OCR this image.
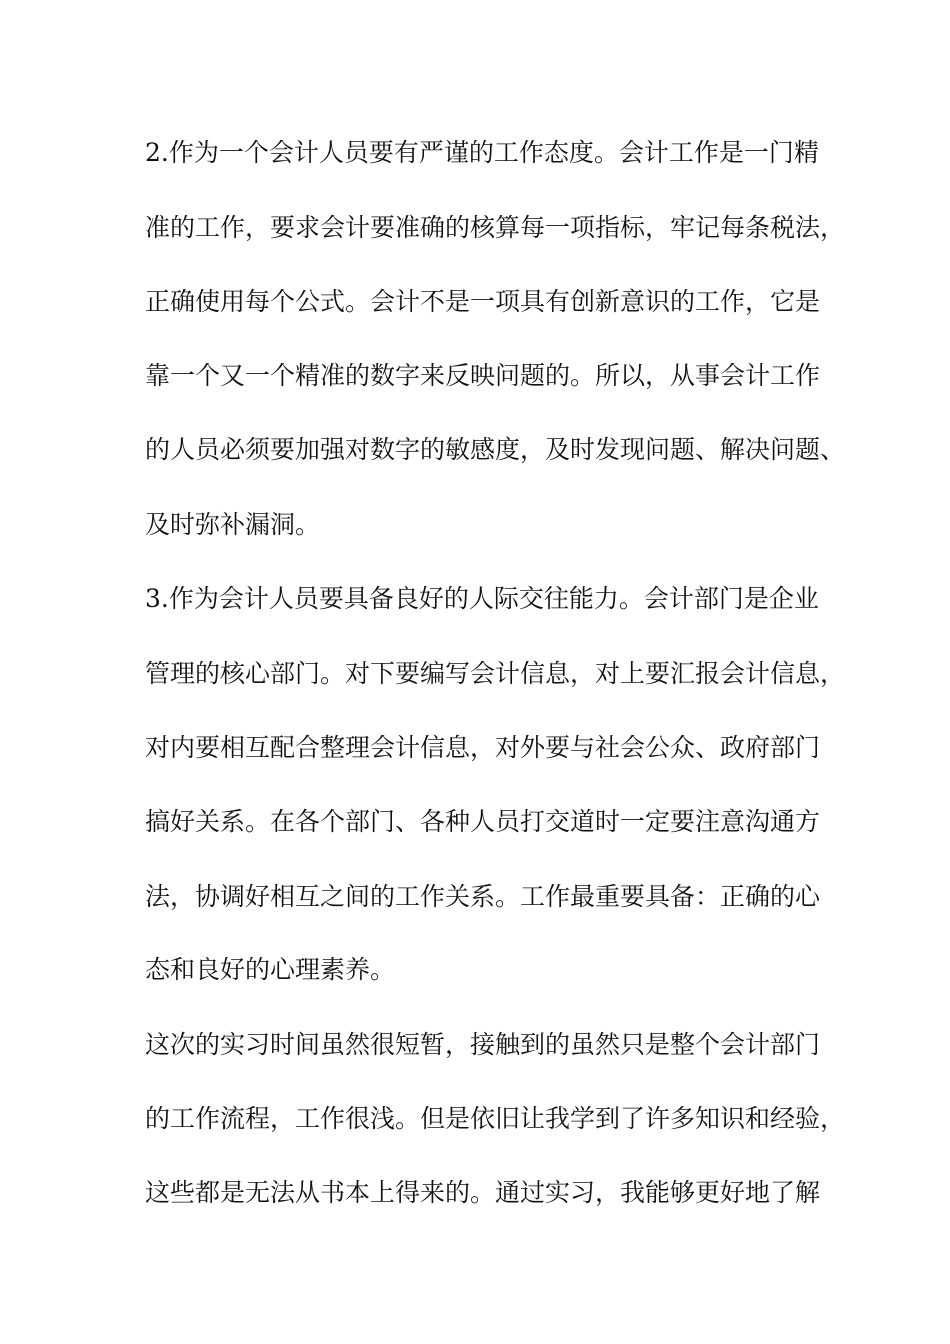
2.作为一个会计人员要有严谨的工作态度。会计工作是一门精
准的工作，要求会计要准确的核算每一项指标，牢记每条税法，
正确使用每个公式。会计不是一项具有创新意识的工作，它是
靠一个又一个精准的数字来反映问题的。所以，从事会计工作
的人员必须要加强对数字的敏感度，及时发现问题、解决问题、
及时弥补漏洞。
3.作为会计人员要具备良好的人际交往能力。会计部门是企业
管理的核心部门。对下要编写会计信息，对上要汇报会计信息，
对内要相互配合整理会计信息，对外要与社会公众、政府部门
搞好关系。在各个部门、各种人员打交道时一定要注意沟通方
法，协调好相互之间的工作关系。工作最重要具备：正确的心
态和良好的心理素养。
这次的实习时间虽然很短暂，接触到的虽然只是整个会计部门
的工作流程，工作很浅。但是依旧让我学到了许多知识和经验，
这些都是无法从书本上得来的。通过实习，我能够更好地了解
